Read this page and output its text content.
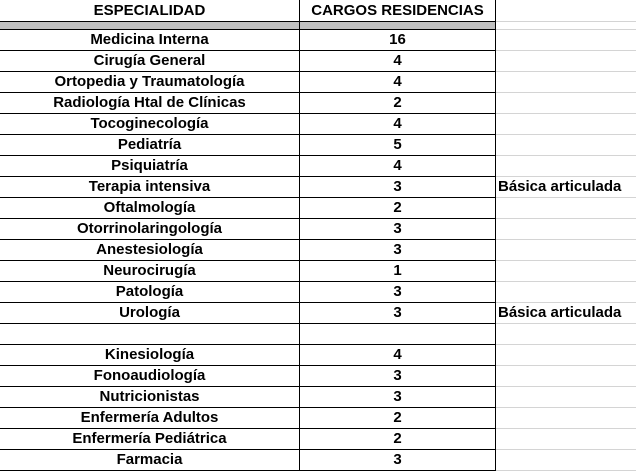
ESPECIALIDAD	CARGOS RESIDENCIAS
Medicina Interna	16
Cirugía General	4
Ortopedia y Traumatología	4
Radiología Htal de Clínicas	2
Tocoginecología	4
Pediatría	5
Psiquiatría	4
Terapia intensiva	3	Básica articulada
Oftalmología	2
Otorrinolaringología	3
Anestesiología	3
Neurocirugía	1
Patología	3
Urología	3	Básica articulada
Kinesiología	4
Fonoaudiología	3
Nutricionistas	3
Enfermería Adultos	2
Enfermería Pediátrica	2
Farmacia	3
